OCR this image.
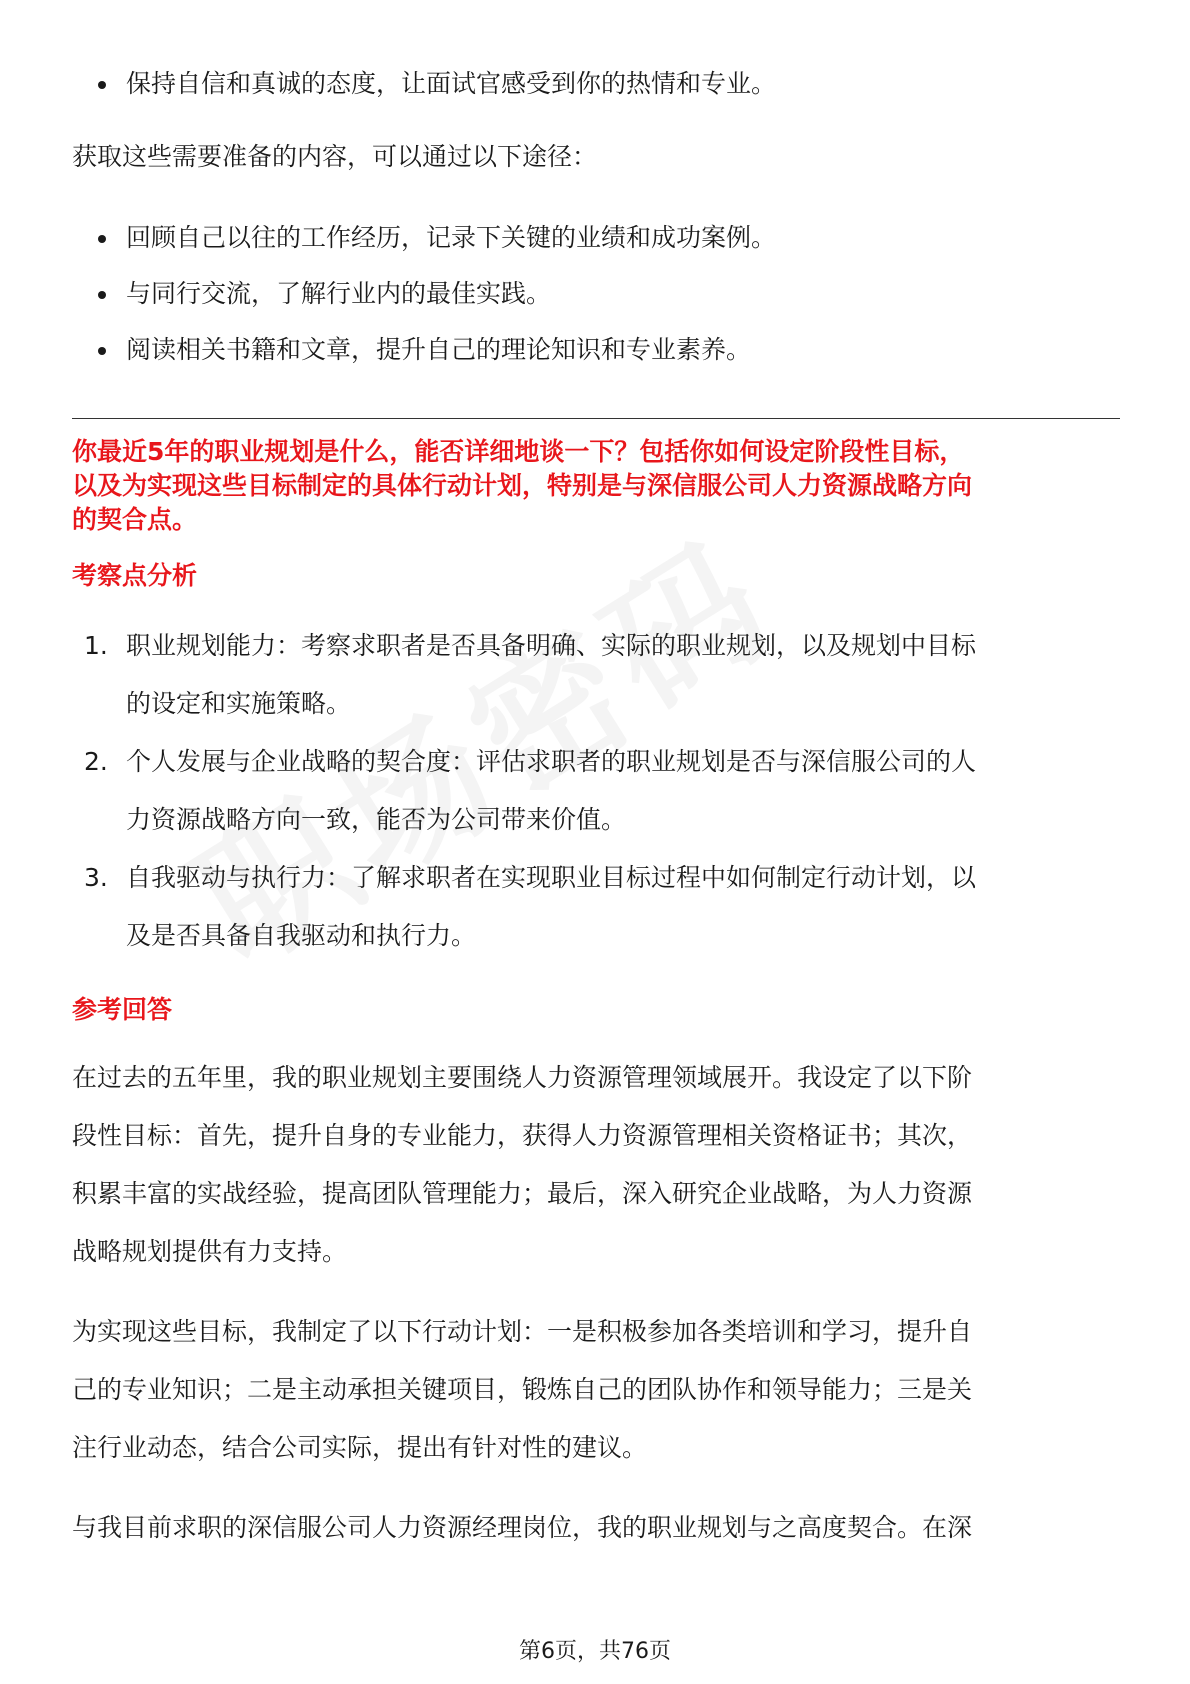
保持自信和真诚的态度，让面试官感受到你的热情和专业。

获取这些需要准备的内容，可以通过以下途径：

回顾自己以往的工作经历，记录下关键的业绩和成功案例。
与同行交流，了解行业内的最佳实践。
阅读相关书籍和文章，提升自己的理论知识和专业素养。

你最近5年的职业规划是什么，能否详细地谈一下？包括你如何设定阶段性目标，

以及为实现这些目标制定的具体行动计划，特别是与深信服公司人力资源战略方向

的契合点。

考察点分析

1. 职业规划能力：考察求职者是否具备明确、实际的职业规划，以及规划中目标
的设定和实施策略。
2. 个人发展与企业战略的契合度：评估求职者的职业规划是否与深信服公司的人
力资源战略方向一致，能否为公司带来价值。
3. 自我驱动与执行力：了解求职者在实现职业目标过程中如何制定行动计划，以
及是否具备自我驱动和执行力。

参考回答

在过去的五年里，我的职业规划主要围绕人力资源管理领域展开。我设定了以下阶

段性目标：首先，提升自身的专业能力，获得人力资源管理相关资格证书；其次，

积累丰富的实战经验，提高团队管理能力；最后，深入研究企业战略，为人力资源

战略规划提供有力支持。

为实现这些目标，我制定了以下行动计划：一是积极参加各类培训和学习，提升自

己的专业知识；二是主动承担关键项目，锻炼自己的团队协作和领导能力；三是关

注行业动态，结合公司实际，提出有针对性的建议。

与我目前求职的深信服公司人力资源经理岗位，我的职业规划与之高度契合。在深

第6页，共76页
